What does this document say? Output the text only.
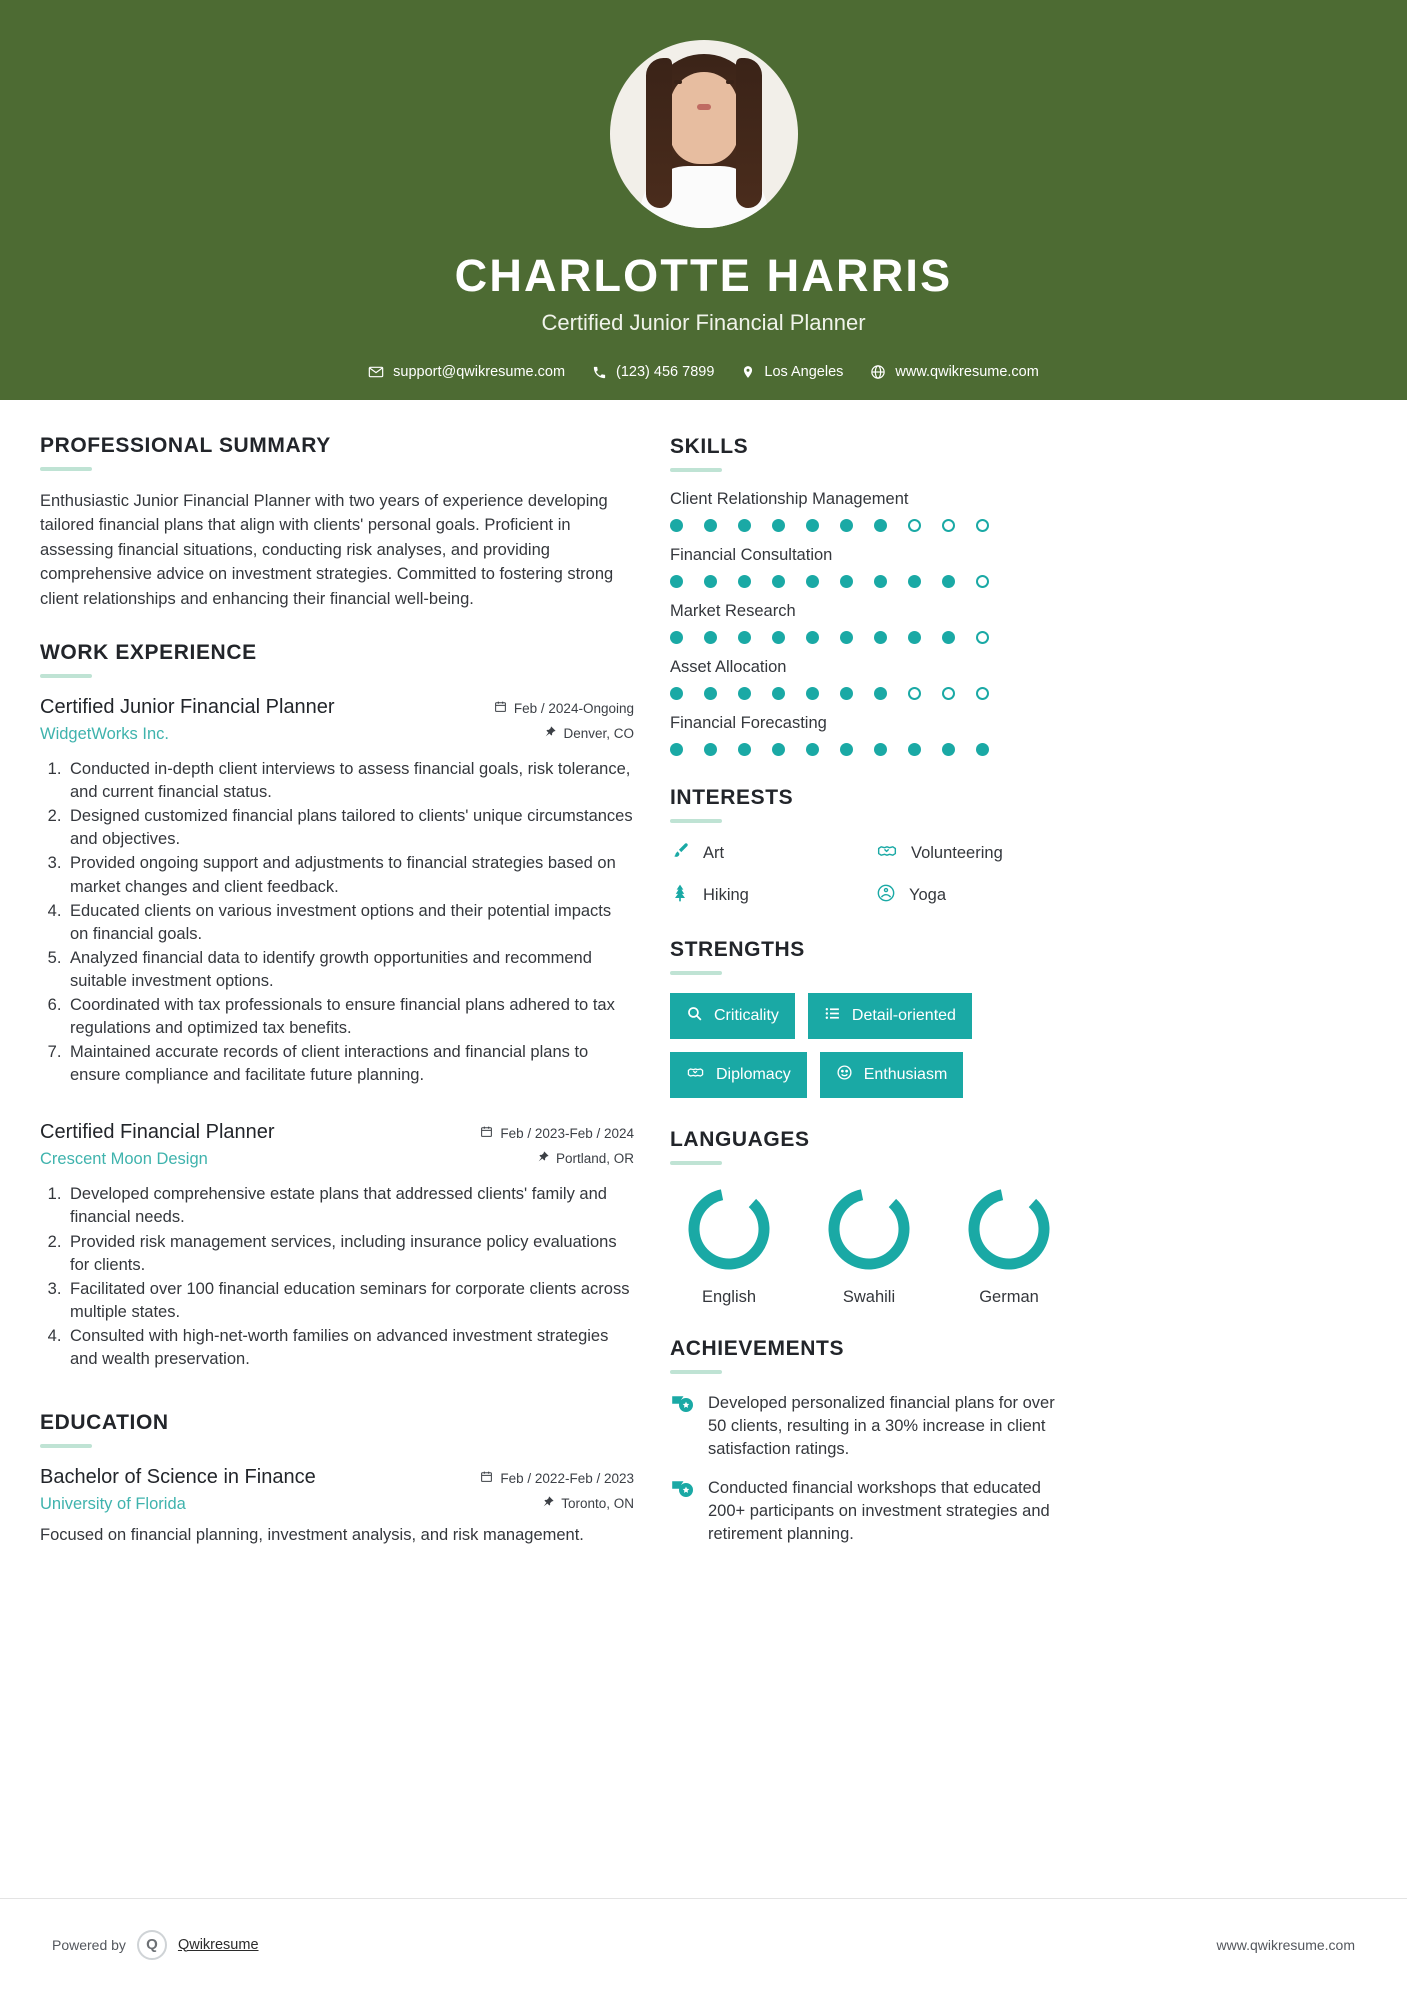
CHARLOTTE HARRIS
Certified Junior Financial Planner
support@qwikresume.com	(123) 456 7899	Los Angeles	www.qwikresume.com
PROFESSIONAL SUMMARY
Enthusiastic Junior Financial Planner with two years of experience developing tailored financial plans that align with clients' personal goals. Proficient in assessing financial situations, conducting risk analyses, and providing comprehensive advice on investment strategies. Committed to fostering strong client relationships and enhancing their financial well-being.
WORK EXPERIENCE
Certified Junior Financial Planner
WidgetWorks Inc.
Feb / 2024-Ongoing
Denver, CO
1. Conducted in-depth client interviews to assess financial goals, risk tolerance, and current financial status.
2. Designed customized financial plans tailored to clients' unique circumstances and objectives.
3. Provided ongoing support and adjustments to financial strategies based on market changes and client feedback.
4. Educated clients on various investment options and their potential impacts on financial goals.
5. Analyzed financial data to identify growth opportunities and recommend suitable investment options.
6. Coordinated with tax professionals to ensure financial plans adhered to tax regulations and optimized tax benefits.
7. Maintained accurate records of client interactions and financial plans to ensure compliance and facilitate future planning.
Certified Financial Planner
Crescent Moon Design
Feb / 2023-Feb / 2024
Portland, OR
1. Developed comprehensive estate plans that addressed clients' family and financial needs.
2. Provided risk management services, including insurance policy evaluations for clients.
3. Facilitated over 100 financial education seminars for corporate clients across multiple states.
4. Consulted with high-net-worth families on advanced investment strategies and wealth preservation.
EDUCATION
Bachelor of Science in Finance
University of Florida
Feb / 2022-Feb / 2023
Toronto, ON
Focused on financial planning, investment analysis, and risk management.
SKILLS
Client Relationship Management
Financial Consultation
Market Research
Asset Allocation
Financial Forecasting
INTERESTS
Art	Volunteering
Hiking	Yoga
STRENGTHS
Criticality	Detail-oriented
Diplomacy	Enthusiasm
LANGUAGES
English	Swahili	German
ACHIEVEMENTS
Developed personalized financial plans for over 50 clients, resulting in a 30% increase in client satisfaction ratings.
Conducted financial workshops that educated 200+ participants on investment strategies and retirement planning.
Powered by	Q	Qwikresume	www.qwikresume.com
